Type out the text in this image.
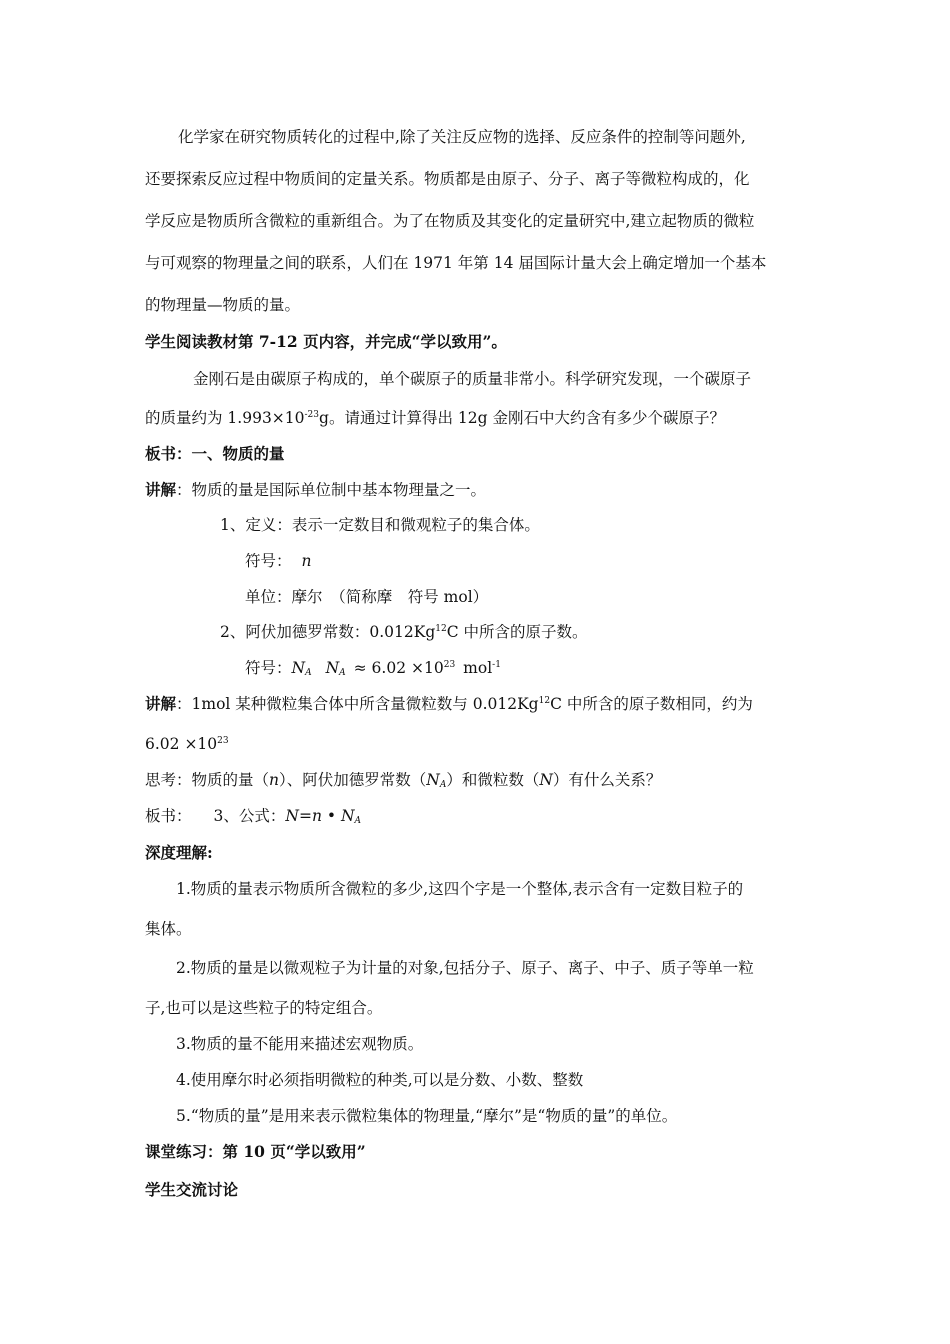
化学家在研究物质转化的过程中,除了关注反应物的选择、反应条件的控制等问题外,
还要探索反应过程中物质间的定量关系。物质都是由原子、分子、离子等微粒构成的，化
学反应是物质所含微粒的重新组合。为了在物质及其变化的定量研究中,建立起物质的微粒
与可观察的物理量之间的联系，人们在 1971 年第 14 届国际计量大会上确定增加一个基本
的物理量—物质的量。
学生阅读教材第 7-12 页内容，并完成“学以致用”。
金刚石是由碳原子构成的，单个碳原子的质量非常小。科学研究发现，一个碳原子
的质量约为 $1.993\times 10^{-23}g$。请通过计算得出 12g 金刚石中大约含有多少个碳原子？
板书：一、物质的量
讲解：物质的量是国际单位制中基本物理量之一。
1、定义：表示一定数目和微观粒子的集合体。
符号： n
单位：摩尔　（简称摩　符号 mol）
2、阿伏加德罗常数：0.012Kg$^{12}$C 中所含的原子数。
符号：$N_A$ $N_A \approx 6.02 \times 10^{23}$ mol$^{-1}$
讲解：1mol 某种微粒集合体中所含量微粒数与 0.012Kg$^{12}$C 中所含的原子数相同，约为
$6.02 \times 10^{23}$
思考：物质的量（n）、阿伏加德罗常数$(N_A)$和微粒数（N）有什么关系？
板书： 3、公式：N=n • $N_A$
深度理解:
1.物质的量表示物质所含微粒的多少,这四个字是一个整体,表示含有一定数目粒子的
集体。
2.物质的量是以微观粒子为计量的对象,包括分子、原子、离子、中子、质子等单一粒
子,也可以是这些粒子的特定组合。
3.物质的量不能用来描述宏观物质。
4.使用摩尔时必须指明微粒的种类,可以是分数、小数、整数
5.“物质的量”是用来表示微粒集体的物理量,“摩尔”是“物质的量”的单位。
课堂练习：第 10 页“学以致用”
学生交流讨论
